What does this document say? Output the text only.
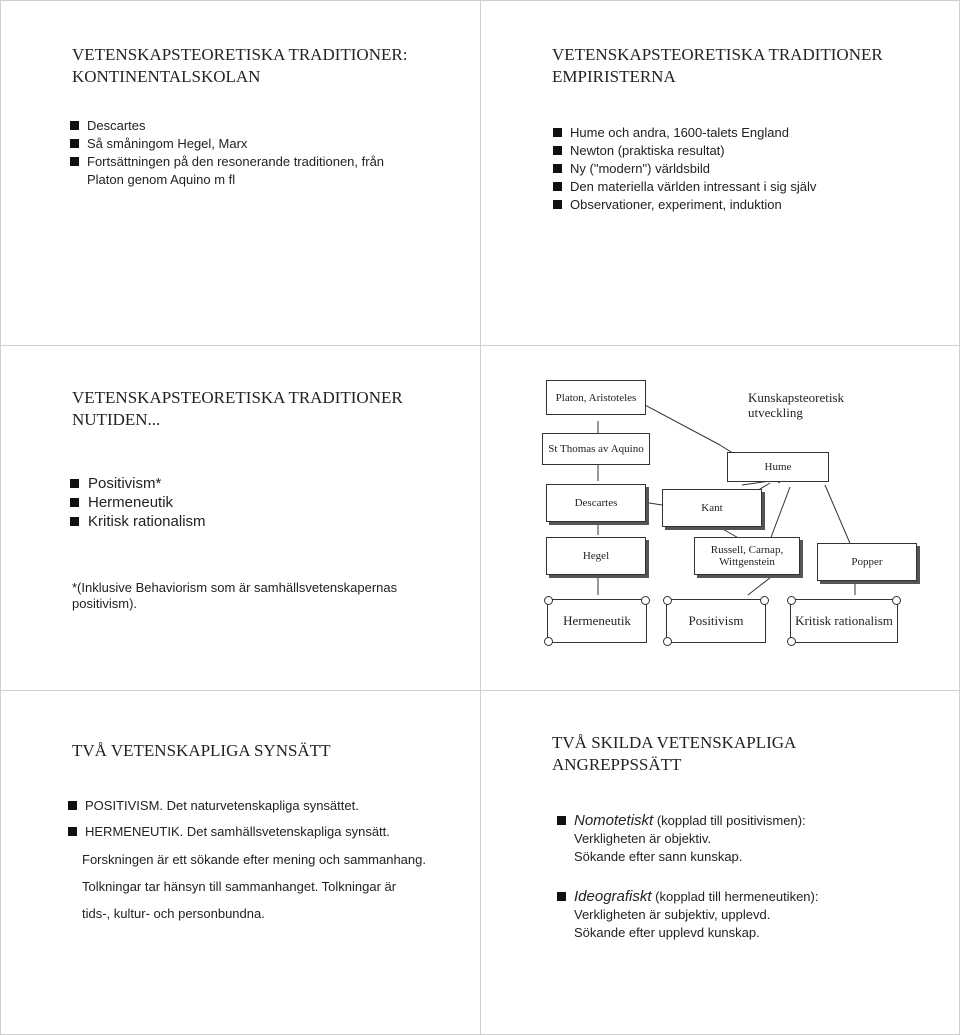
VETENSKAPSTEORETISKA TRADITIONER:
KONTINENTALSKOLAN
Descartes
Så småningom Hegel, Marx
Fortsättningen på den resonerande traditionen, från Platon genom Aquino m fl
VETENSKAPSTEORETISKA TRADITIONER
EMPIRISTERNA
Hume och andra, 1600-talets England
Newton (praktiska resultat)
Ny ("modern") världsbild
Den materiella världen intressant i sig själv
Observationer, experiment, induktion
VETENSKAPSTEORETISKA TRADITIONER
NUTIDEN...
Positivism*
Hermeneutik
Kritisk rationalism
*(Inklusive Behaviorism som är samhällsvetenskapernas positivism).
Platon, Aristoteles	Kunskapsteoretisk utveckling
St Thomas av Aquino
Hume
Descartes	Kant
Hegel	Russell, Carnap, Wittgenstein	Popper
Hermeneutik	Positivism	Kritisk rationalism
TVÅ VETENSKAPLIGA SYNSÄTT
POSITIVISM. Det naturvetenskapliga synsättet.
HERMENEUTIK. Det samhällsvetenskapliga synsätt.
Forskningen är ett sökande efter mening och sammanhang.
Tolkningar tar hänsyn till sammanhanget. Tolkningar är
tids-, kultur- och personbundna.
TVÅ SKILDA VETENSKAPLIGA
ANGREPPSSÄTT
Nomotetiskt (kopplad till positivismen):
Verkligheten är objektiv.
Sökande efter sann kunskap.
Ideografiskt (kopplad till hermeneutiken):
Verkligheten är subjektiv, upplevd.
Sökande efter upplevd kunskap.
